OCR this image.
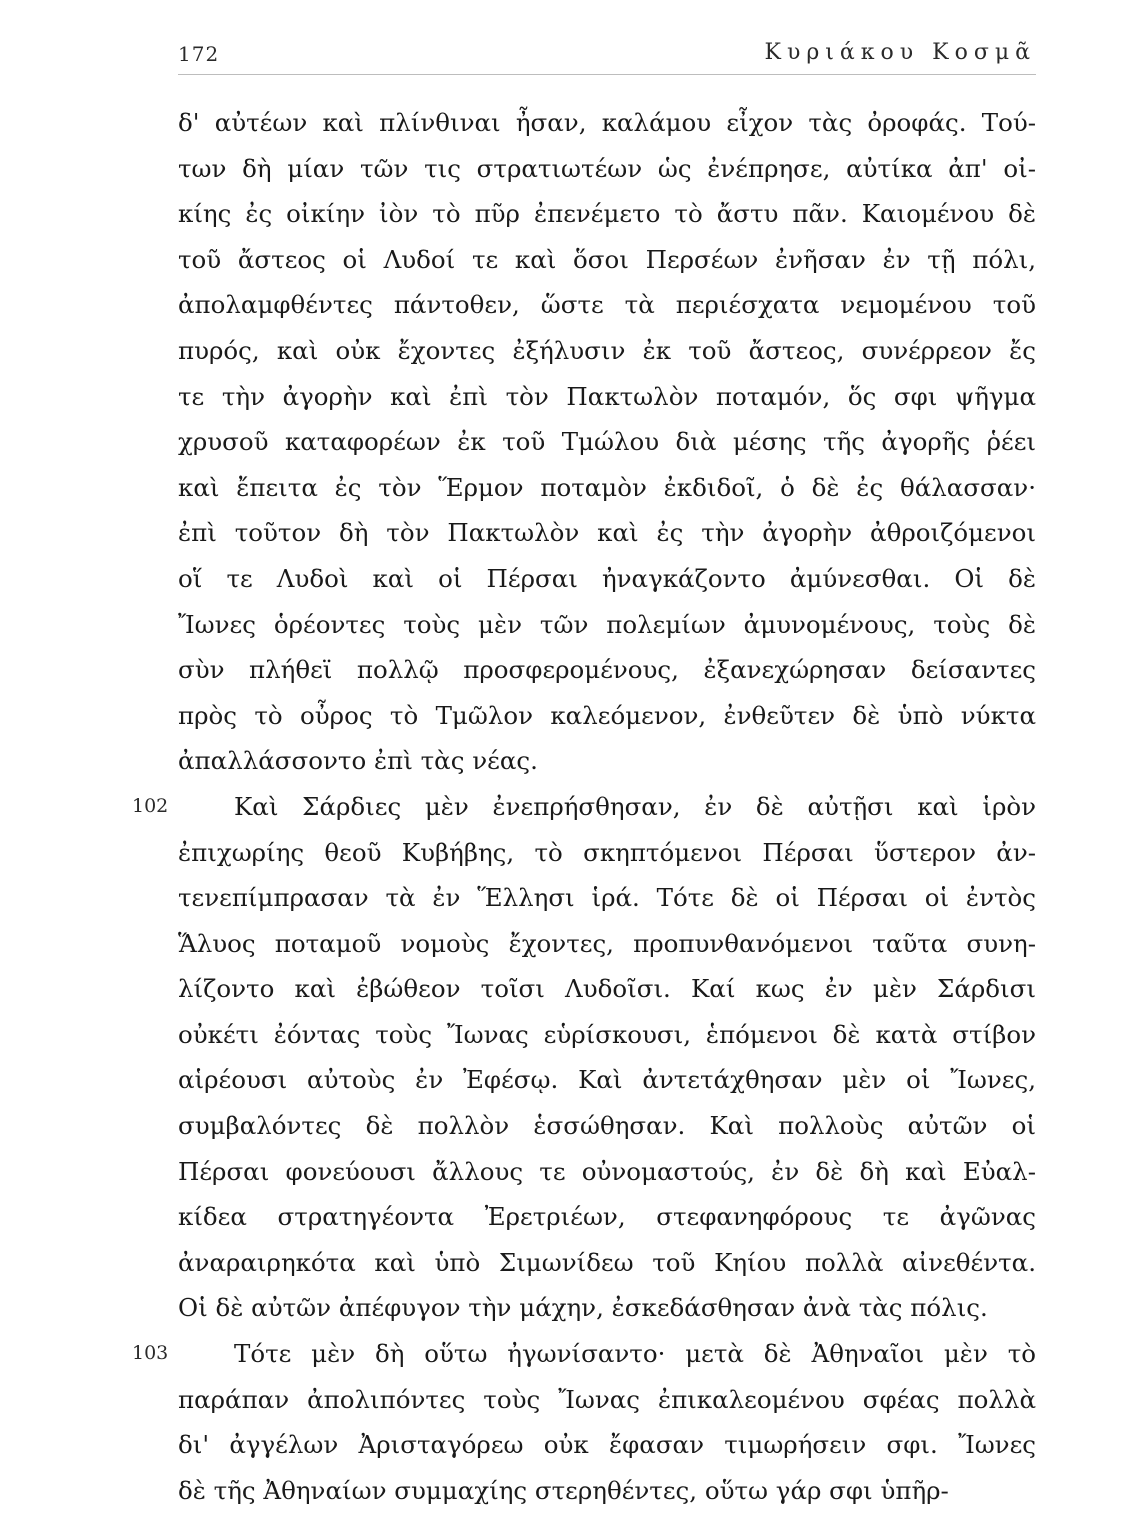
172	Κυριάκου Κοσμᾶ
δ' αὐτέων καὶ πλίνθιναι ἦσαν, καλάμου εἶχον τὰς ὀροφάς. Τού-
των δὴ μίαν τῶν τις στρατιωτέων ὡς ἐνέπρησε, αὐτίκα ἀπ' οἰ-
κίης ἐς οἰκίην ἰὸν τὸ πῦρ ἐπενέμετο τὸ ἄστυ πᾶν. Καιομένου δὲ
τοῦ ἄστεος οἱ Λυδοί τε καὶ ὅσοι Περσέων ἐνῆσαν ἐν τῇ πόλι,
ἀπολαμφθέντες πάντοθεν, ὥστε τὰ περιέσχατα νεμομένου τοῦ
πυρός, καὶ οὐκ ἔχοντες ἐξήλυσιν ἐκ τοῦ ἄστεος, συνέρρεον ἔς
τε τὴν ἀγορὴν καὶ ἐπὶ τὸν Πακτωλὸν ποταμόν, ὅς σφι ψῆγμα
χρυσοῦ καταφορέων ἐκ τοῦ Τμώλου διὰ μέσης τῆς ἀγορῆς ῥέει
καὶ ἔπειτα ἐς τὸν Ἕρμον ποταμὸν ἐκδιδοῖ, ὁ δὲ ἐς θάλασσαν·
ἐπὶ τοῦτον δὴ τὸν Πακτωλὸν καὶ ἐς τὴν ἀγορὴν ἀθροιζόμενοι
οἵ τε Λυδοὶ καὶ οἱ Πέρσαι ἠναγκάζοντο ἀμύνεσθαι. Οἱ δὲ
Ἴωνες ὁρέοντες τοὺς μὲν τῶν πολεμίων ἀμυνομένους, τοὺς δὲ
σὺν πλήθεϊ πολλῷ προσφερομένους, ἐξανεχώρησαν δείσαντες
πρὸς τὸ οὖρος τὸ Τμῶλον καλεόμενον, ἐνθεῦτεν δὲ ὑπὸ νύκτα
ἀπαλλάσσοντο ἐπὶ τὰς νέας.
102	Καὶ Σάρδιες μὲν ἐνεπρήσθησαν, ἐν δὲ αὐτῇσι καὶ ἱρὸν
ἐπιχωρίης θεοῦ Κυβήβης, τὸ σκηπτόμενοι Πέρσαι ὕστερον ἀν-
τενεπίμπρασαν τὰ ἐν Ἕλλησι ἱρά. Τότε δὲ οἱ Πέρσαι οἱ ἐντὸς
Ἅλυος ποταμοῦ νομοὺς ἔχοντες, προπυνθανόμενοι ταῦτα συνη-
λίζοντο καὶ ἐβώθεον τοῖσι Λυδοῖσι. Καί κως ἐν μὲν Σάρδισι
οὐκέτι ἐόντας τοὺς Ἴωνας εὑρίσκουσι, ἑπόμενοι δὲ κατὰ στίβον
αἱρέουσι αὐτοὺς ἐν Ἐφέσῳ. Καὶ ἀντετάχθησαν μὲν οἱ Ἴωνες,
συμβαλόντες δὲ πολλὸν ἑσσώθησαν. Καὶ πολλοὺς αὐτῶν οἱ
Πέρσαι φονεύουσι ἄλλους τε οὐνομαστούς, ἐν δὲ δὴ καὶ Εὐαλ-
κίδεα στρατηγέοντα Ἐρετριέων, στεφανηφόρους τε ἀγῶνας
ἀναραιρηκότα καὶ ὑπὸ Σιμωνίδεω τοῦ Κηίου πολλὰ αἰνεθέντα.
Οἱ δὲ αὐτῶν ἀπέφυγον τὴν μάχην, ἐσκεδάσθησαν ἀνὰ τὰς πόλις.
103	Τότε μὲν δὴ οὕτω ἠγωνίσαντο· μετὰ δὲ Ἀθηναῖοι μὲν τὸ
παράπαν ἀπολιπόντες τοὺς Ἴωνας ἐπικαλεομένου σφέας πολλὰ
δι' ἀγγέλων Ἀρισταγόρεω οὐκ ἔφασαν τιμωρήσειν σφι. Ἴωνες
δὲ τῆς Ἀθηναίων συμμαχίης στερηθέντες, οὕτω γάρ σφι ὑπῆρ-
